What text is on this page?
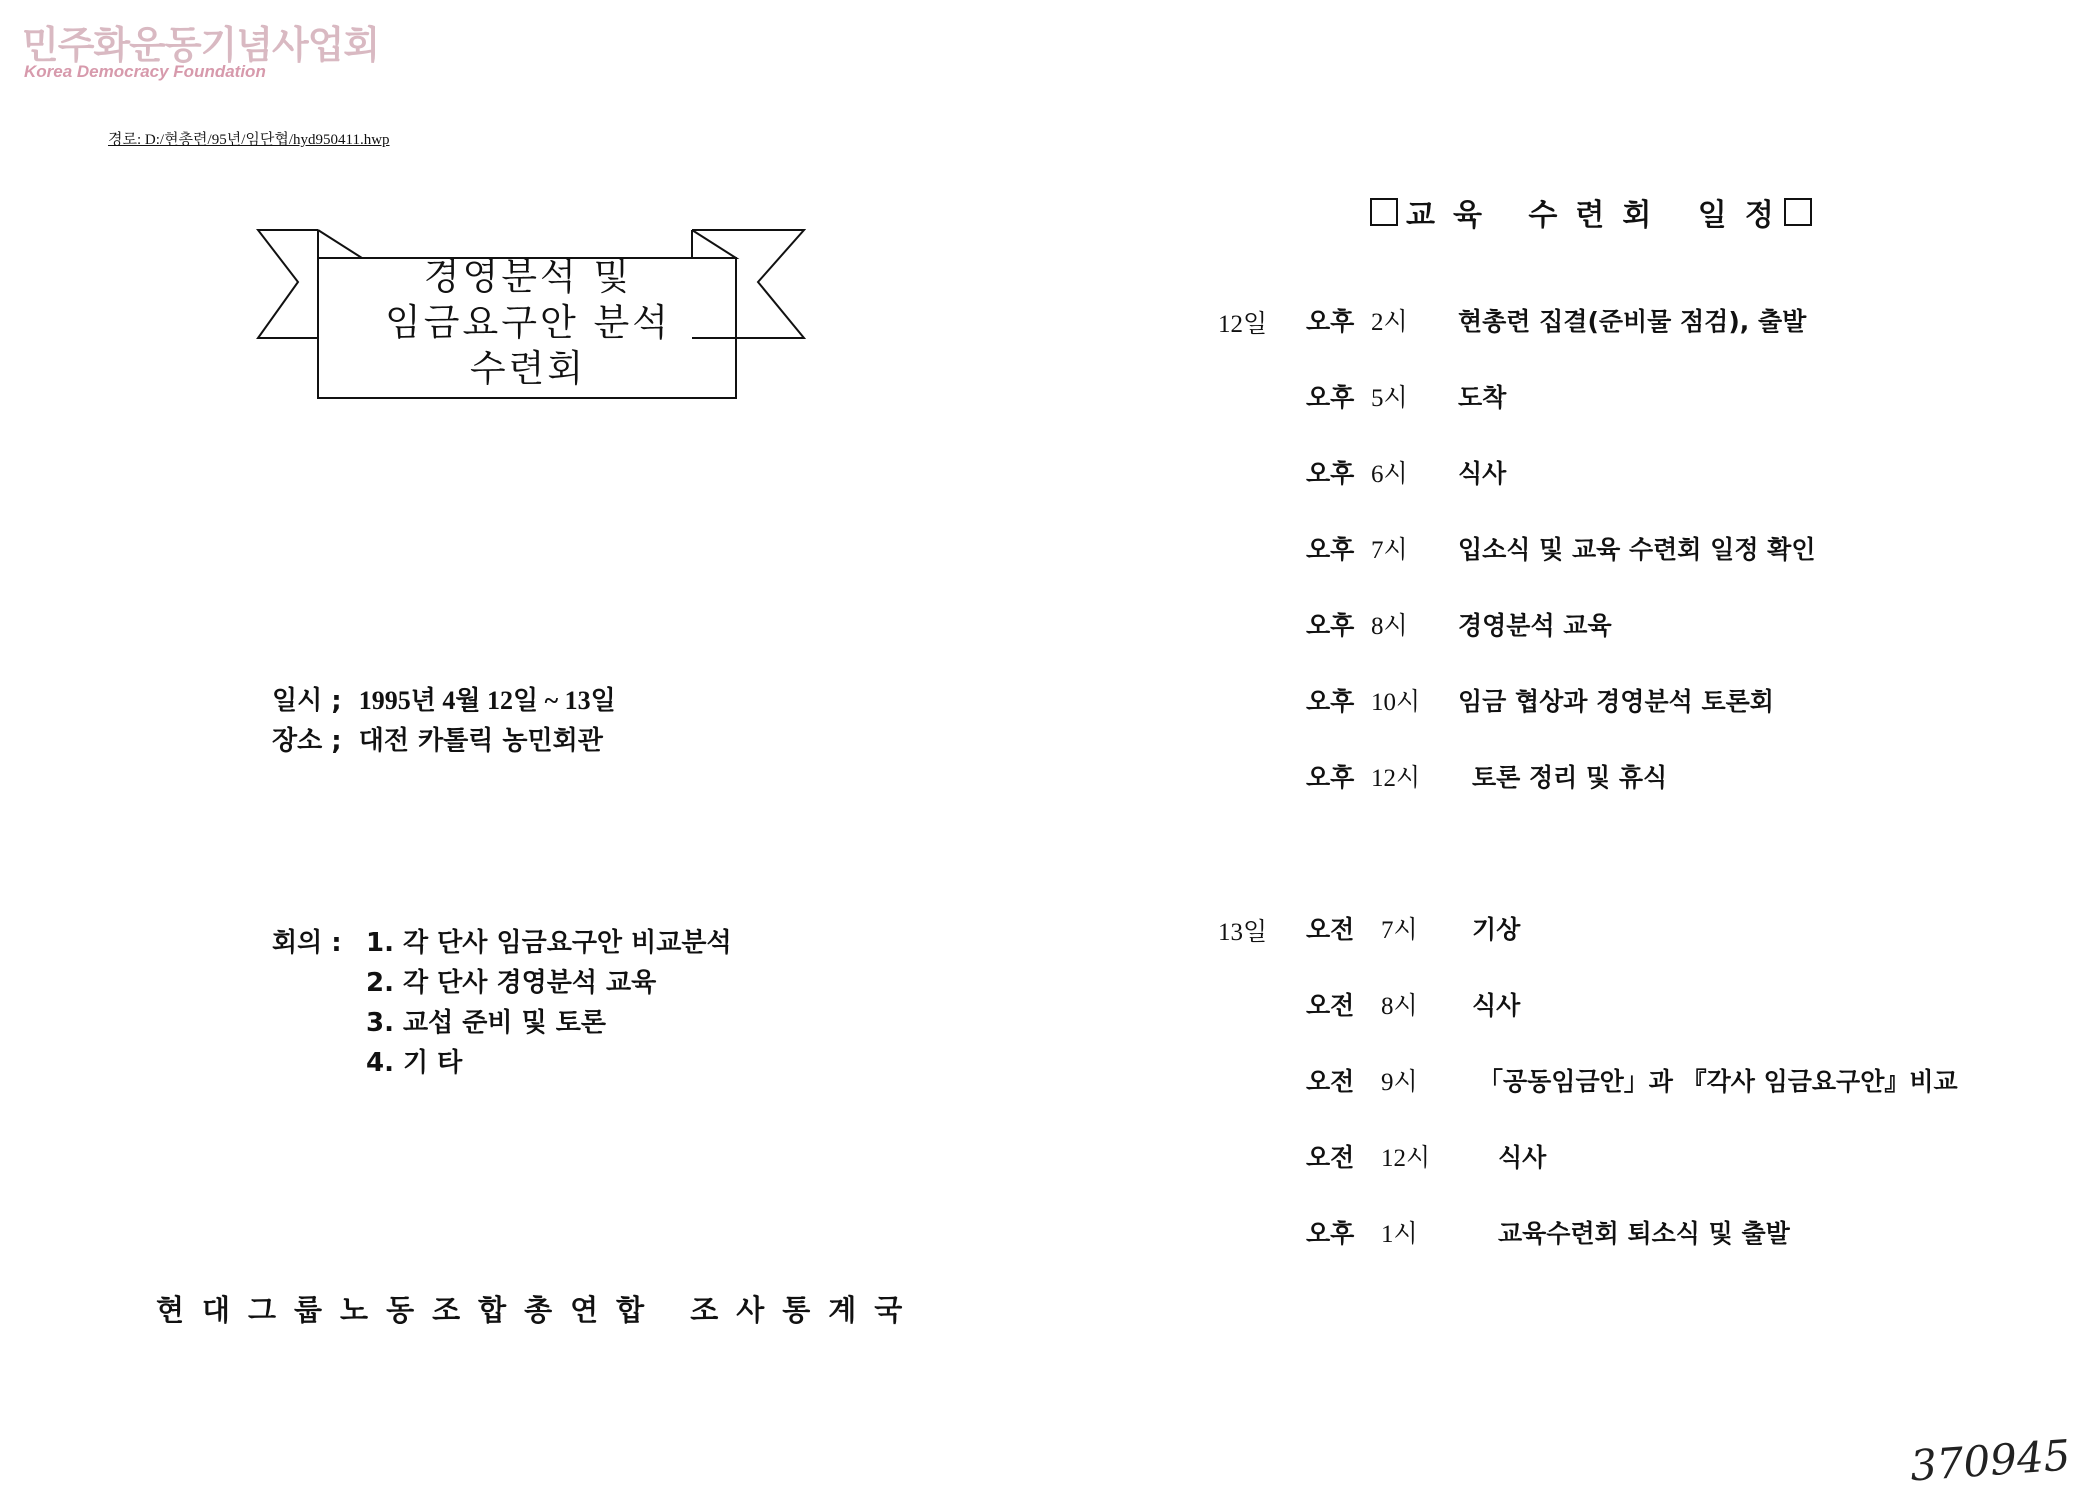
민주화운동기념사업회
Korea Democracy Foundation
경로: D:/현총련/95년/임단협/hyd950411.hwp
경영분석 및
임금요구안 분석
수련회
일시 ; 1995년 4월 12일 ~ 13일
장소 ; 대전 카톨릭 농민회관
회의 : 1. 각 단사 임금요구안 비교분석
2. 각 단사 경영분석 교육
3. 교섭 준비 및 토론
4. 기 타
현대그룹노동조합총연합 조사통계국
교육 수련회 일정
12일 오후 2시 현총련 집결(준비물 점검), 출발
오후 5시 도착
오후 6시 식사
오후 7시 입소식 및 교육 수련회 일정 확인
오후 8시 경영분석 교육
오후 10시 임금 협상과 경영분석 토론회
오후 12시 토론 정리 및 휴식
13일 오전 7시 기상
오전 8시 식사
오전 9시 「공동임금안」과 『각사 임금요구안』비교
오전 12시	식사
오후 1시	교육수련회 퇴소식 및 출발
370945
